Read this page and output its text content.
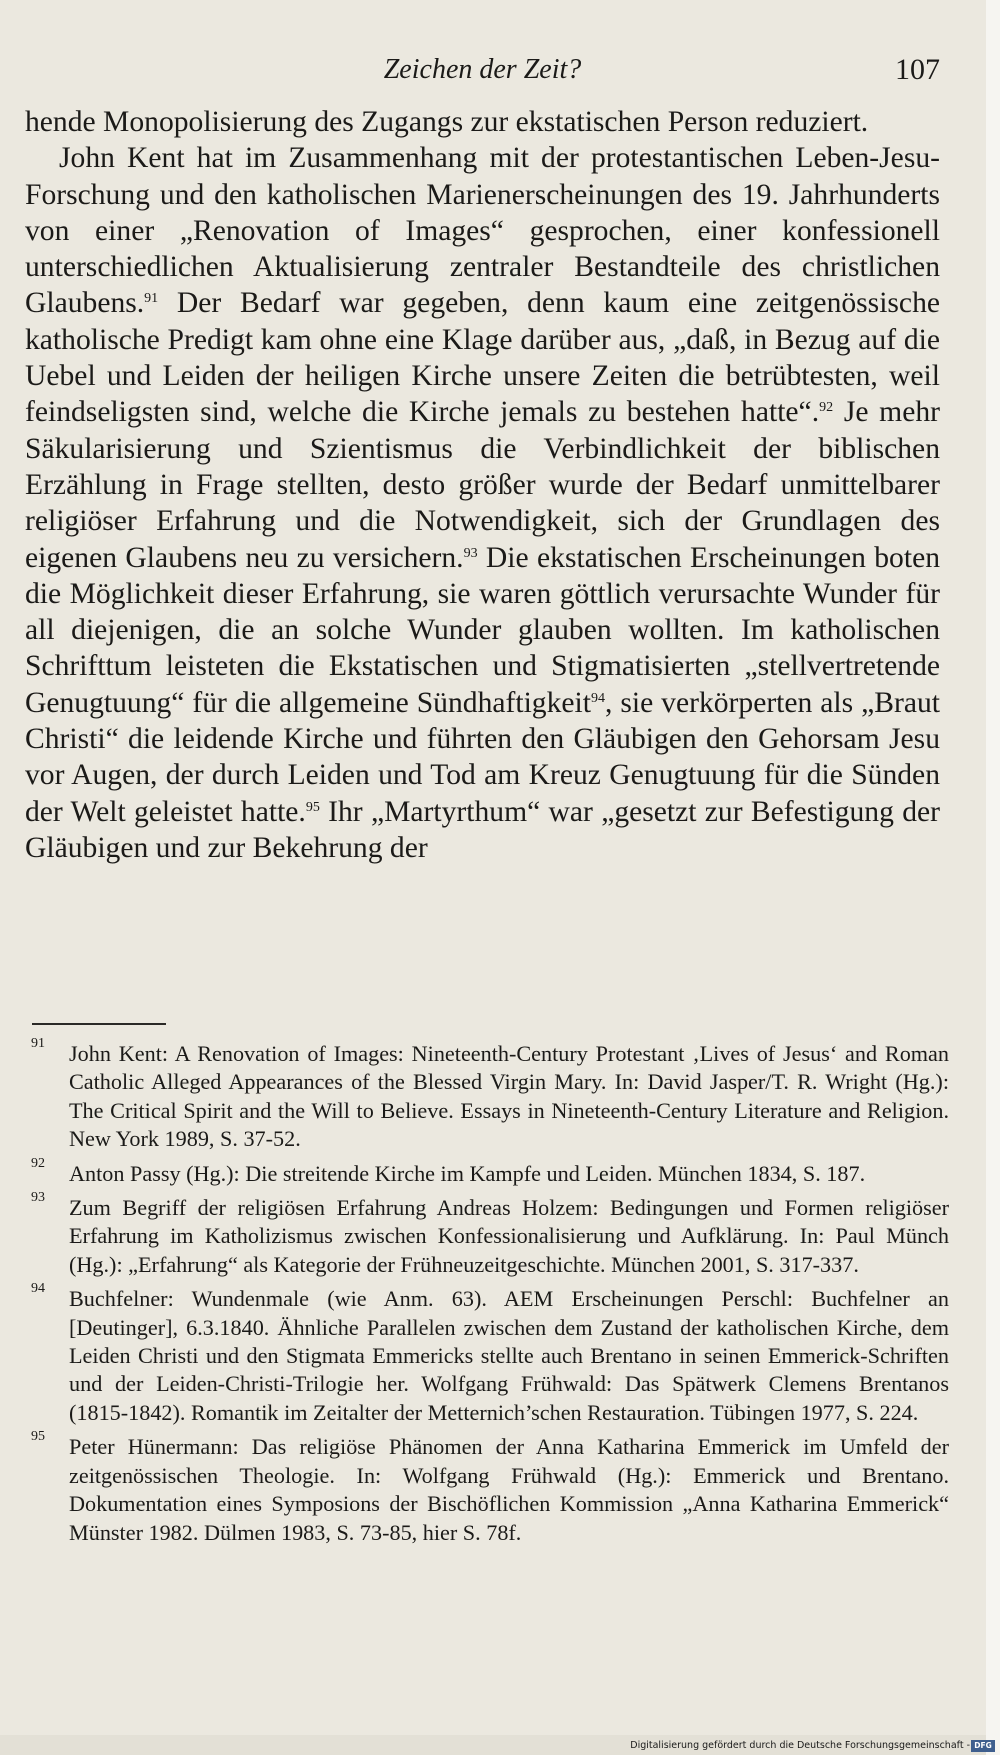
Zeichen der Zeit?	107

hende Monopolisierung des Zugangs zur ekstatischen Person reduziert.

John Kent hat im Zusammenhang mit der protestantischen Leben-Jesu-Forschung und den katholischen Marienerscheinungen des 19. Jahrhunderts von einer „Renovation of Images“ gesprochen, einer konfessionell unterschiedlichen Aktualisierung zentraler Bestandteile des christlichen Glaubens.$^{91}$ Der Bedarf war gegeben, denn kaum eine zeitgenössische katholische Predigt kam ohne eine Klage darüber aus, „daß, in Bezug auf die Uebel und Leiden der heiligen Kirche unsere Zeiten die betrübtesten, weil feindseligsten sind, welche die Kirche jemals zu bestehen hatte“.$^{92}$ Je mehr Säkularisierung und Szientismus die Verbindlichkeit der biblischen Erzählung in Frage stellten, desto größer wurde der Bedarf unmittelbarer religiöser Erfahrung und die Notwendigkeit, sich der Grundlagen des eigenen Glaubens neu zu versichern.$^{93}$ Die ekstatischen Erscheinungen boten die Möglichkeit dieser Erfahrung, sie waren göttlich verursachte Wunder für all diejenigen, die an solche Wunder glauben wollten. Im katholischen Schrifttum leisteten die Ekstatischen und Stigmatisierten „stellvertretende Genugtuung“ für die allgemeine Sündhaftigkeit$^{94}$, sie verkörperten als „Braut Christi“ die leidende Kirche und führten den Gläubigen den Gehorsam Jesu vor Augen, der durch Leiden und Tod am Kreuz Genugtuung für die Sünden der Welt geleistet hatte.$^{95}$ Ihr „Martyrthum“ war „gesetzt zur Befestigung der Gläubigen und zur Bekehrung der

91 John Kent: A Renovation of Images: Nineteenth-Century Protestant ‚Lives of Jesus‘ and Roman Catholic Alleged Appearances of the Blessed Virgin Mary. In: David Jasper/T. R. Wright (Hg.): The Critical Spirit and the Will to Believe. Essays in Nineteenth-Century Literature and Religion. New York 1989, S. 37-52.
92 Anton Passy (Hg.): Die streitende Kirche im Kampfe und Leiden. München 1834, S. 187.
93 Zum Begriff der religiösen Erfahrung Andreas Holzem: Bedingungen und Formen religiöser Erfahrung im Katholizismus zwischen Konfessionalisierung und Aufklärung. In: Paul Münch (Hg.): „Erfahrung“ als Kategorie der Frühneuzeitgeschichte. München 2001, S. 317-337.
94 Buchfelner: Wundenmale (wie Anm. 63). AEM Erscheinungen Perschl: Buchfelner an [Deutinger], 6.3.1840. Ähnliche Parallelen zwischen dem Zustand der katholischen Kirche, dem Leiden Christi und den Stigmata Emmericks stellte auch Brentano in seinen Emmerick-Schriften und der Leiden-Christi-Trilogie her. Wolfgang Frühwald: Das Spätwerk Clemens Brentanos (1815-1842). Romantik im Zeitalter der Metternich’schen Restauration. Tübingen 1977, S. 224.
95 Peter Hünermann: Das religiöse Phänomen der Anna Katharina Emmerick im Umfeld der zeitgenössischen Theologie. In: Wolfgang Frühwald (Hg.): Emmerick und Brentano. Dokumentation eines Symposions der Bischöflichen Kommission „Anna Katharina Emmerick“ Münster 1982. Dülmen 1983, S. 73-85, hier S. 78f.
Digitalisierung gefördert durch die Deutsche Forschungsgemeinschaft - DFG
